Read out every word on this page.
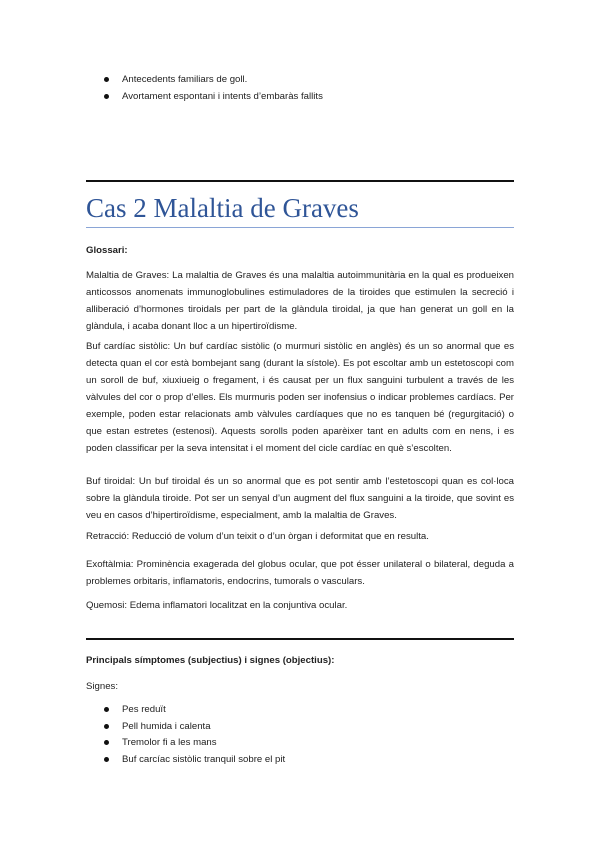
Antecedents familiars de goll.
Avortament espontani i intents d’embaràs fallits
Cas 2 Malaltia de Graves

Glossari:

Malaltia de Graves: La malaltia de Graves és una malaltia autoimmunitària en la qual es produeixen anticossos anomenats immunoglobulines estimuladores de la tiroides que estimulen la secreció i alliberació d’hormones tiroidals per part de la glàndula tiroidal, ja que han generat un goll en la glàndula, i acaba donant lloc a un hipertiroïdisme.

Buf cardíac sistòlic: Un buf cardíac sistòlic (o murmuri sistòlic en anglès) és un so anormal que es detecta quan el cor està bombejant sang (durant la sístole). Es pot escoltar amb un estetoscopi com un soroll de buf, xiuxiueig o fregament, i és causat per un flux sanguini turbulent a través de les vàlvules del cor o prop d’elles. Els murmuris poden ser inofensius o indicar problemes cardíacs. Per exemple, poden estar relacionats amb vàlvules cardíaques que no es tanquen bé (regurgitació) o que estan estretes (estenosi). Aquests sorolls poden aparèixer tant en adults com en nens, i es poden classificar per la seva intensitat i el moment del cicle cardíac en què s’escolten.

Buf tiroidal: Un buf tiroidal és un so anormal que es pot sentir amb l’estetoscopi quan es col·loca sobre la glàndula tiroide. Pot ser un senyal d’un augment del flux sanguini a la tiroide, que sovint es veu en casos d’hipertiroïdisme, especialment, amb la malaltia de Graves.

Retracció: Reducció de volum d’un teixit o d’un òrgan i deformitat que en resulta.

Exoftàlmia: Prominència exagerada del globus ocular, que pot ésser unilateral o bilateral, deguda a problemes orbitaris, inflamatoris, endocrins, tumorals o vasculars.

Quemosi: Edema inflamatori localitzat en la conjuntiva ocular.

Principals símptomes (subjectius) i signes (objectius):

Signes:

Pes reduït
Pell humida i calenta
Tremolor fi a les mans
Buf carcíac sistòlic tranquil sobre el pit
